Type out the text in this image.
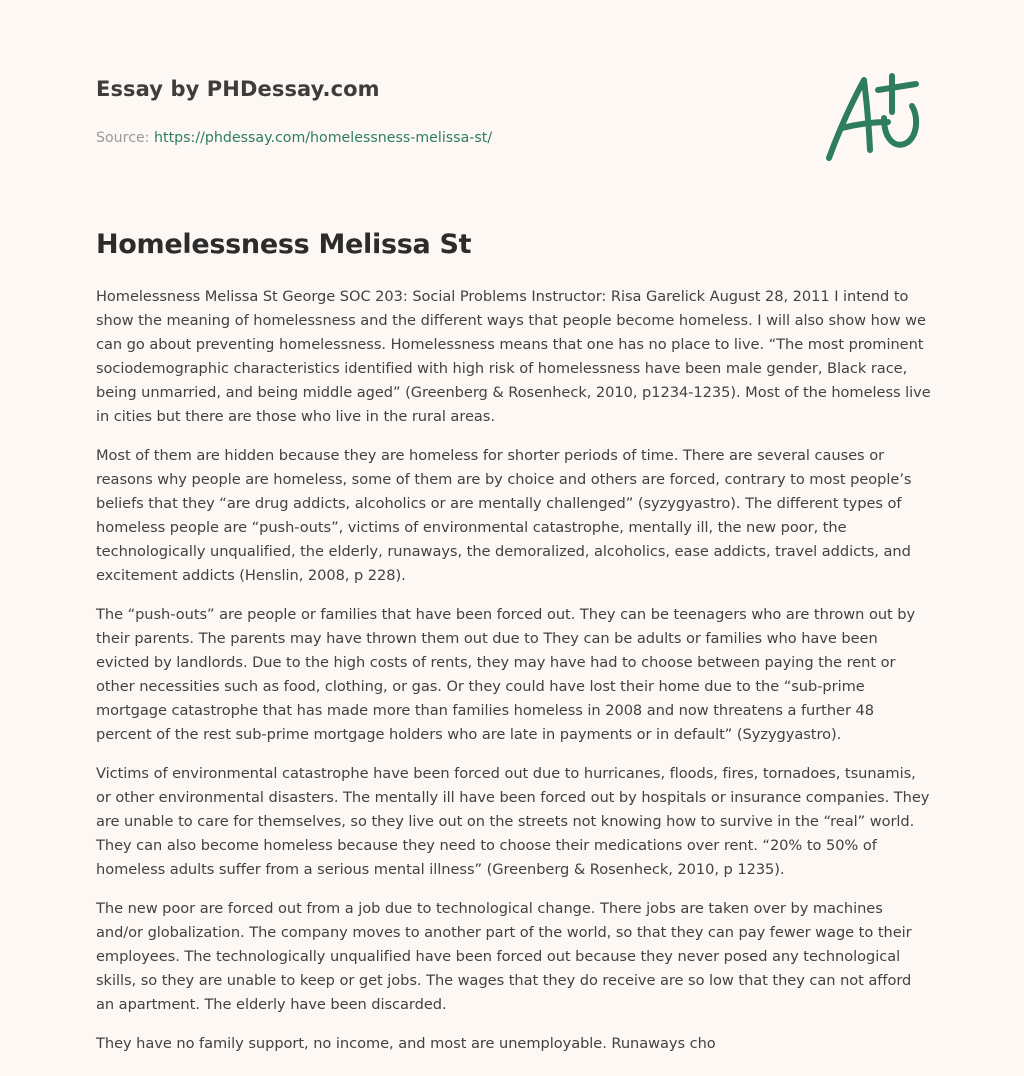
Essay by PHDessay.com
Source: https://phdessay.com/homelessness-melissa-st/
Homelessness Melissa St

Homelessness Melissa St George SOC 203: Social Problems Instructor: Risa Garelick August 28, 2011 I intend to show the meaning of homelessness and the different ways that people become homeless. I will also show how we can go about preventing homelessness. Homelessness means that one has no place to live. “The most prominent sociodemographic characteristics identified with high risk of homelessness have been male gender, Black race, being unmarried, and being middle aged” (Greenberg & Rosenheck, 2010, p1234-1235). Most of the homeless live in cities but there are those who live in the rural areas.

Most of them are hidden because they are homeless for shorter periods of time. There are several causes or reasons why people are homeless, some of them are by choice and others are forced, contrary to most people’s beliefs that they “are drug addicts, alcoholics or are mentally challenged” (syzygyastro). The different types of homeless people are “push-outs”, victims of environmental catastrophe, mentally ill, the new poor, the technologically unqualified, the elderly, runaways, the demoralized, alcoholics, ease addicts, travel addicts, and excitement addicts (Henslin, 2008, p 228).

The “push-outs” are people or families that have been forced out. They can be teenagers who are thrown out by their parents. The parents may have thrown them out due to They can be adults or families who have been evicted by landlords. Due to the high costs of rents, they may have had to choose between paying the rent or other necessities such as food, clothing, or gas. Or they could have lost their home due to the “sub-prime mortgage catastrophe that has made more than families homeless in 2008 and now threatens a further 48 percent of the rest sub-prime mortgage holders who are late in payments or in default” (Syzygyastro).

Victims of environmental catastrophe have been forced out due to hurricanes, floods, fires, tornadoes, tsunamis, or other environmental disasters. The mentally ill have been forced out by hospitals or insurance companies. They are unable to care for themselves, so they live out on the streets not knowing how to survive in the “real” world. They can also become homeless because they need to choose their medications over rent. “20% to 50% of homeless adults suffer from a serious mental illness” (Greenberg & Rosenheck, 2010, p 1235).

The new poor are forced out from a job due to technological change. There jobs are taken over by machines and/or globalization. The company moves to another part of the world, so that they can pay fewer wage to their employees. The technologically unqualified have been forced out because they never posed any technological skills, so they are unable to keep or get jobs. The wages that they do receive are so low that they can not afford an apartment. The elderly have been discarded.

They have no family support, no income, and most are unemployable. Runaways cho
